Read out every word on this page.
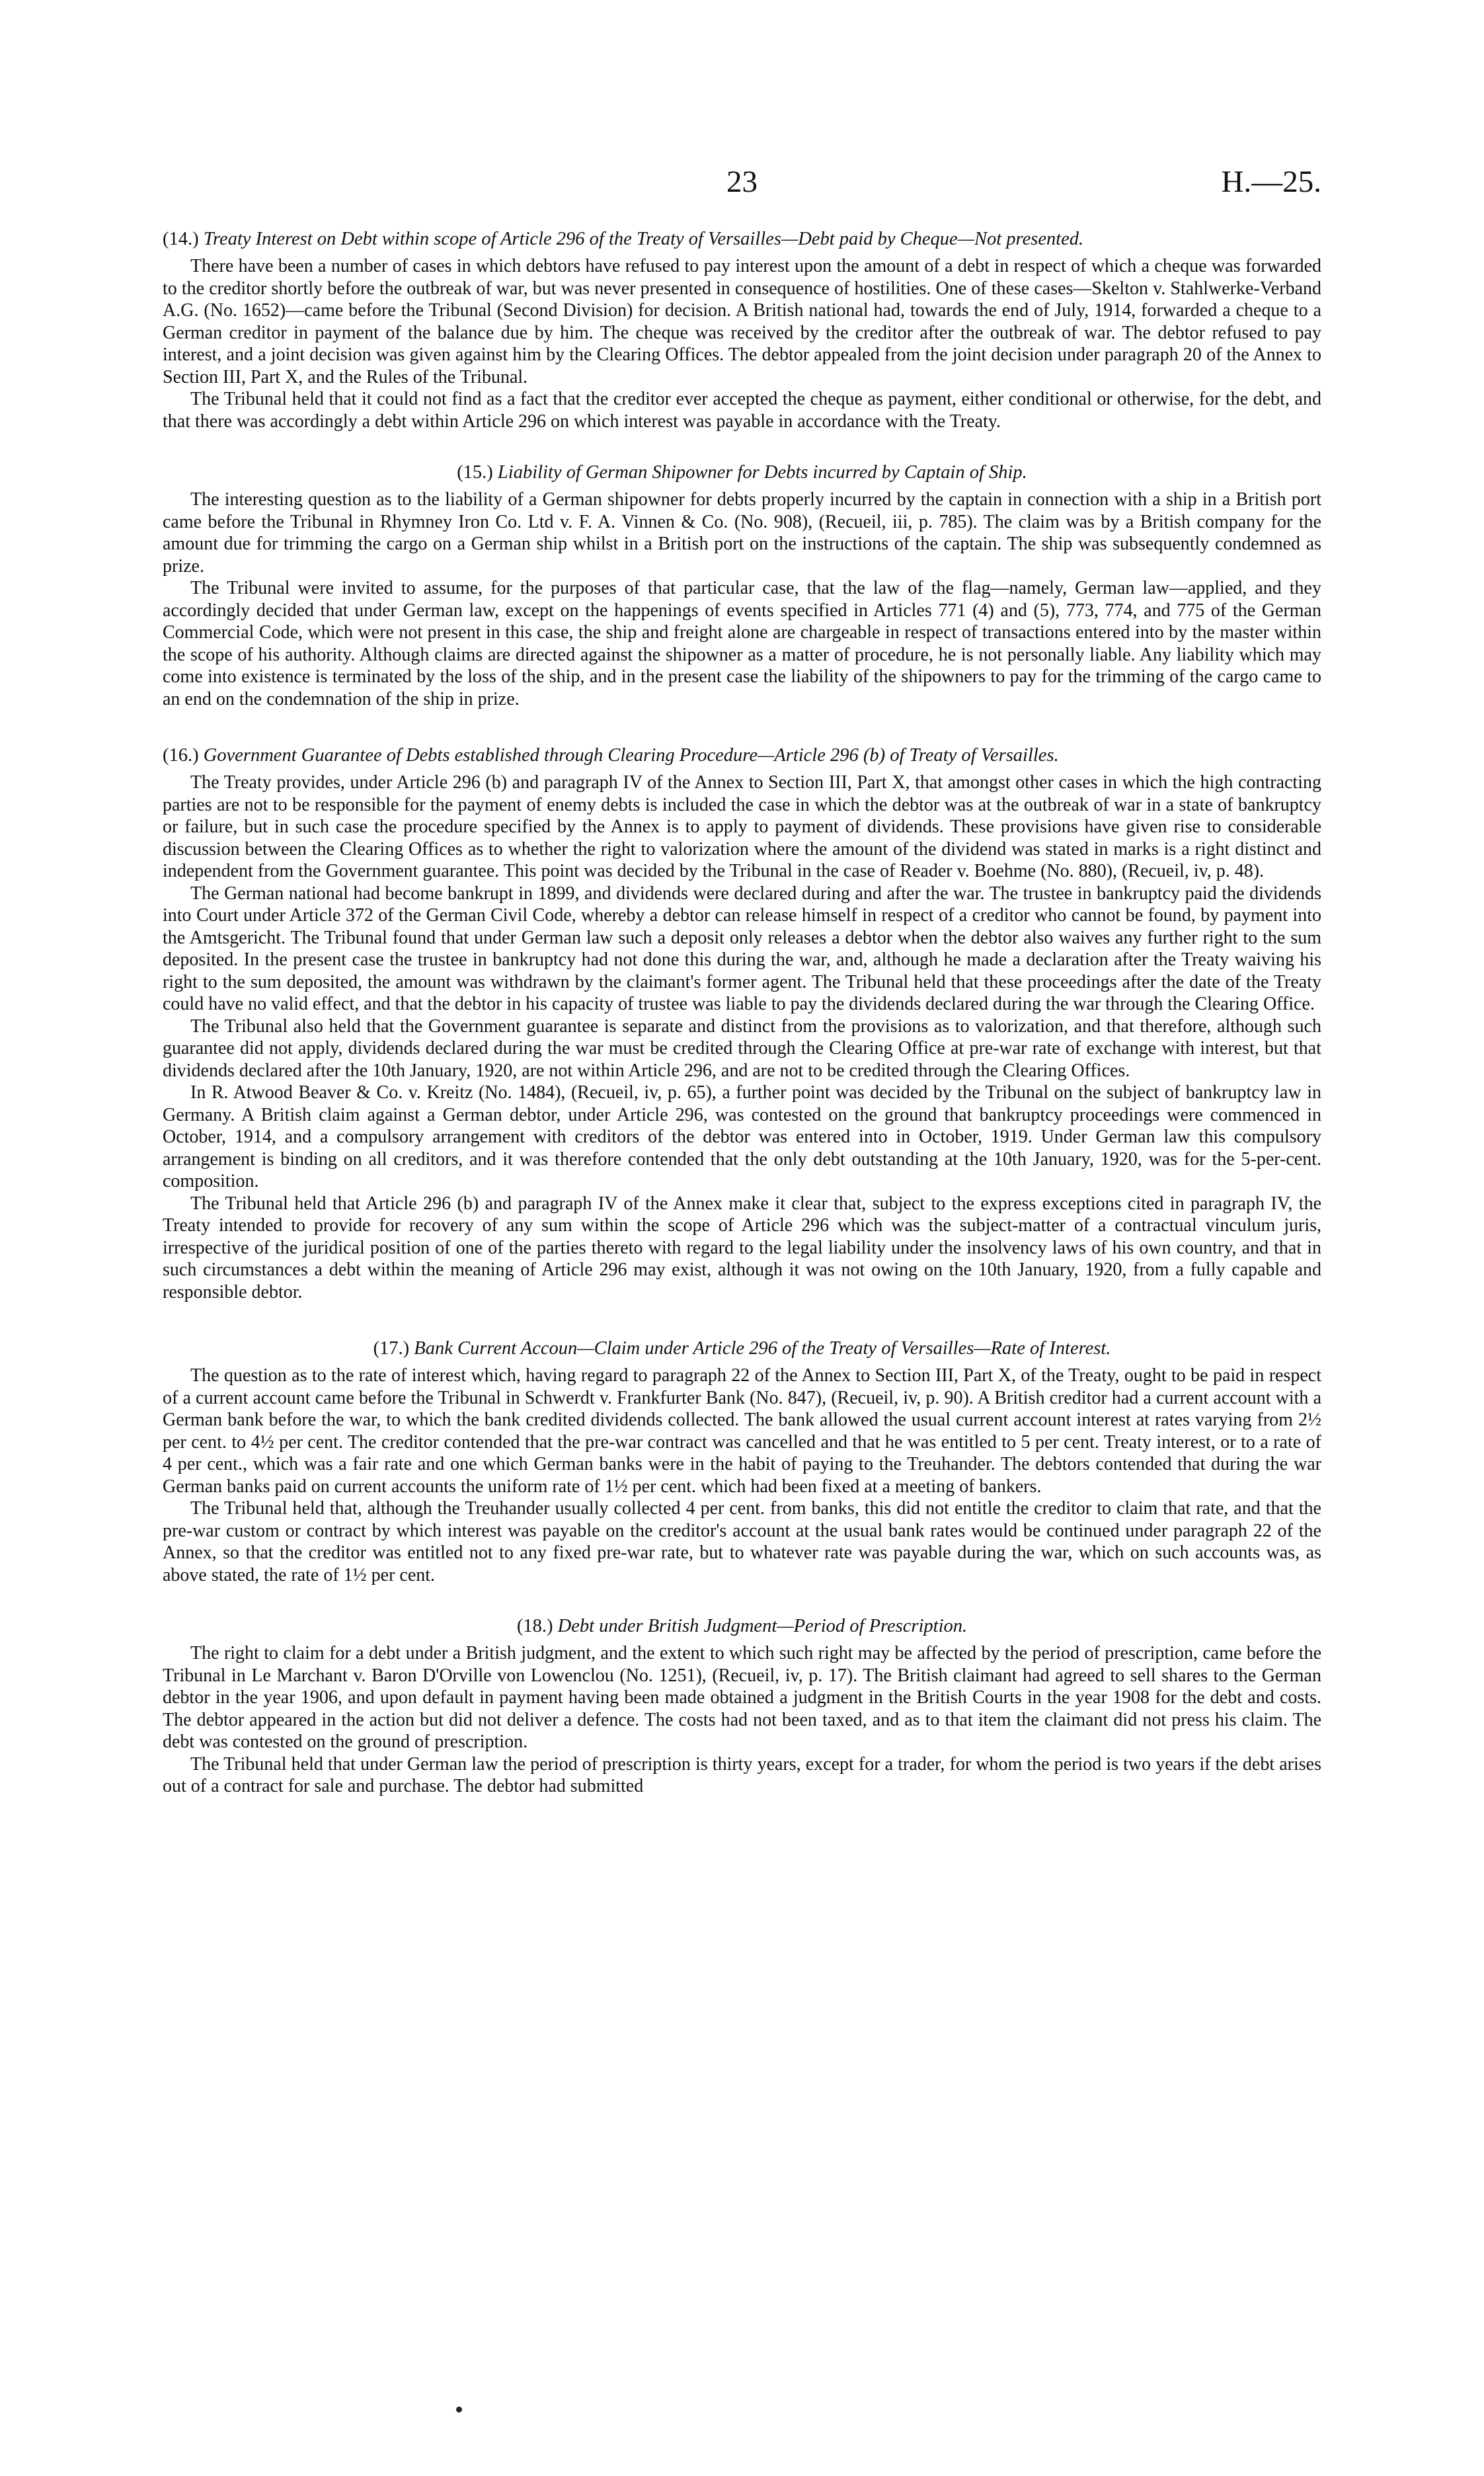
23	H.—25.
(14.) Treaty Interest on Debt within scope of Article 296 of the Treaty of Versailles—Debt paid by Cheque—Not presented.

There have been a number of cases in which debtors have refused to pay interest upon the amount of a debt in respect of which a cheque was forwarded to the creditor shortly before the outbreak of war, but was never presented in consequence of hostilities. One of these cases—Skelton v. Stahlwerke-Verband A.G. (No. 1652)—came before the Tribunal (Second Division) for decision. A British national had, towards the end of July, 1914, forwarded a cheque to a German creditor in payment of the balance due by him. The cheque was received by the creditor after the outbreak of war. The debtor refused to pay interest, and a joint decision was given against him by the Clearing Offices. The debtor appealed from the joint decision under paragraph 20 of the Annex to Section III, Part X, and the Rules of the Tribunal.

The Tribunal held that it could not find as a fact that the creditor ever accepted the cheque as payment, either conditional or otherwise, for the debt, and that there was accordingly a debt within Article 296 on which interest was payable in accordance with the Treaty.

(15.) Liability of German Shipowner for Debts incurred by Captain of Ship.

The interesting question as to the liability of a German shipowner for debts properly incurred by the captain in connection with a ship in a British port came before the Tribunal in Rhymney Iron Co. Ltd v. F. A. Vinnen & Co. (No. 908), (Recueil, iii, p. 785). The claim was by a British company for the amount due for trimming the cargo on a German ship whilst in a British port on the instructions of the captain. The ship was subsequently condemned as prize.

The Tribunal were invited to assume, for the purposes of that particular case, that the law of the flag—namely, German law—applied, and they accordingly decided that under German law, except on the happenings of events specified in Articles 771 (4) and (5), 773, 774, and 775 of the German Commercial Code, which were not present in this case, the ship and freight alone are chargeable in respect of transactions entered into by the master within the scope of his authority. Although claims are directed against the shipowner as a matter of procedure, he is not personally liable. Any liability which may come into existence is terminated by the loss of the ship, and in the present case the liability of the shipowners to pay for the trimming of the cargo came to an end on the condemnation of the ship in prize.

(16.) Government Guarantee of Debts established through Clearing Procedure—Article 296 (b) of Treaty of Versailles.

The Treaty provides, under Article 296 (b) and paragraph IV of the Annex to Section III, Part X, that amongst other cases in which the high contracting parties are not to be responsible for the payment of enemy debts is included the case in which the debtor was at the outbreak of war in a state of bankruptcy or failure, but in such case the procedure specified by the Annex is to apply to payment of dividends. These provisions have given rise to considerable discussion between the Clearing Offices as to whether the right to valorization where the amount of the dividend was stated in marks is a right distinct and independent from the Government guarantee. This point was decided by the Tribunal in the case of Reader v. Boehme (No. 880), (Recueil, iv, p. 48).

The German national had become bankrupt in 1899, and dividends were declared during and after the war. The trustee in bankruptcy paid the dividends into Court under Article 372 of the German Civil Code, whereby a debtor can release himself in respect of a creditor who cannot be found, by payment into the Amtsgericht. The Tribunal found that under German law such a deposit only releases a debtor when the debtor also waives any further right to the sum deposited. In the present case the trustee in bankruptcy had not done this during the war, and, although he made a declaration after the Treaty waiving his right to the sum deposited, the amount was withdrawn by the claimant's former agent. The Tribunal held that these proceedings after the date of the Treaty could have no valid effect, and that the debtor in his capacity of trustee was liable to pay the dividends declared during the war through the Clearing Office.

The Tribunal also held that the Government guarantee is separate and distinct from the provisions as to valorization, and that therefore, although such guarantee did not apply, dividends declared during the war must be credited through the Clearing Office at pre-war rate of exchange with interest, but that dividends declared after the 10th January, 1920, are not within Article 296, and are not to be credited through the Clearing Offices.

In R. Atwood Beaver & Co. v. Kreitz (No. 1484), (Recueil, iv, p. 65), a further point was decided by the Tribunal on the subject of bankruptcy law in Germany. A British claim against a German debtor, under Article 296, was contested on the ground that bankruptcy proceedings were commenced in October, 1914, and a compulsory arrangement with creditors of the debtor was entered into in October, 1919. Under German law this compulsory arrangement is binding on all creditors, and it was therefore contended that the only debt outstanding at the 10th January, 1920, was for the 5-per-cent. composition.

The Tribunal held that Article 296 (b) and paragraph IV of the Annex make it clear that, subject to the express exceptions cited in paragraph IV, the Treaty intended to provide for recovery of any sum within the scope of Article 296 which was the subject-matter of a contractual vinculum juris, irrespective of the juridical position of one of the parties thereto with regard to the legal liability under the insolvency laws of his own country, and that in such circumstances a debt within the meaning of Article 296 may exist, although it was not owing on the 10th January, 1920, from a fully capable and responsible debtor.

(17.) Bank Current Accoun—Claim under Article 296 of the Treaty of Versailles—Rate of Interest.

The question as to the rate of interest which, having regard to paragraph 22 of the Annex to Section III, Part X, of the Treaty, ought to be paid in respect of a current account came before the Tribunal in Schwerdt v. Frankfurter Bank (No. 847), (Recueil, iv, p. 90). A British creditor had a current account with a German bank before the war, to which the bank credited dividends collected. The bank allowed the usual current account interest at rates varying from 2½ per cent. to 4½ per cent. The creditor contended that the pre-war contract was cancelled and that he was entitled to 5 per cent. Treaty interest, or to a rate of 4 per cent., which was a fair rate and one which German banks were in the habit of paying to the Treuhander. The debtors contended that during the war German banks paid on current accounts the uniform rate of 1½ per cent. which had been fixed at a meeting of bankers.

The Tribunal held that, although the Treuhander usually collected 4 per cent. from banks, this did not entitle the creditor to claim that rate, and that the pre-war custom or contract by which interest was payable on the creditor's account at the usual bank rates would be continued under paragraph 22 of the Annex, so that the creditor was entitled not to any fixed pre-war rate, but to whatever rate was payable during the war, which on such accounts was, as above stated, the rate of 1½ per cent.

(18.) Debt under British Judgment—Period of Prescription.

The right to claim for a debt under a British judgment, and the extent to which such right may be affected by the period of prescription, came before the Tribunal in Le Marchant v. Baron D'Orville von Lowenclou (No. 1251), (Recueil, iv, p. 17). The British claimant had agreed to sell shares to the German debtor in the year 1906, and upon default in payment having been made obtained a judgment in the British Courts in the year 1908 for the debt and costs. The debtor appeared in the action but did not deliver a defence. The costs had not been taxed, and as to that item the claimant did not press his claim. The debt was contested on the ground of prescription.

The Tribunal held that under German law the period of prescription is thirty years, except for a trader, for whom the period is two years if the debt arises out of a contract for sale and purchase. The debtor had submitted
